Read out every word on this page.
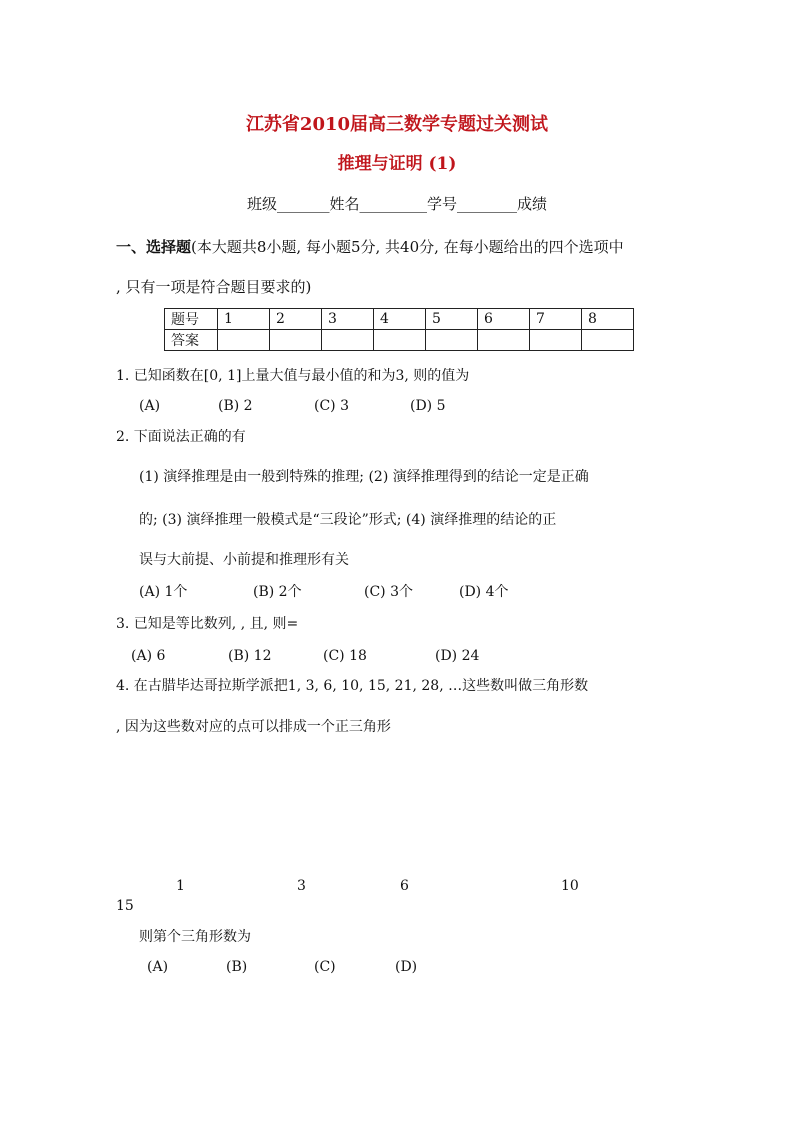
江苏省2010届高三数学专题过关测试
推理与证明 (1)
班级_______姓名_________学号________成绩
一、选择题(本大题共8小题, 每小题5分, 共40分, 在每小题给出的四个选项中
, 只有一项是符合题目要求的)
题号	1	2	3	4	5	6	7	8
答案								
1. 已知函数在[0, 1]上量大值与最小值的和为3, 则的值为
(A)	(B) 2	(C) 3	(D) 5
2. 下面说法正确的有
(1) 演绎推理是由一般到特殊的推理; (2) 演绎推理得到的结论一定是正确
的; (3) 演绎推理一般模式是“三段论”形式; (4) 演绎推理的结论的正
误与大前提、小前提和推理形有关
(A) 1个	(B) 2个	(C) 3个	(D) 4个
3. 已知是等比数列, , 且, 则=
(A) 6	(B) 12	(C) 18	(D) 24
4. 在古腊毕达哥拉斯学派把1, 3, 6, 10, 15, 21, 28, …这些数叫做三角形数
, 因为这些数对应的点可以排成一个正三角形
1	3	6	10
15
则第个三角形数为
(A)	(B)	(C)	(D)
